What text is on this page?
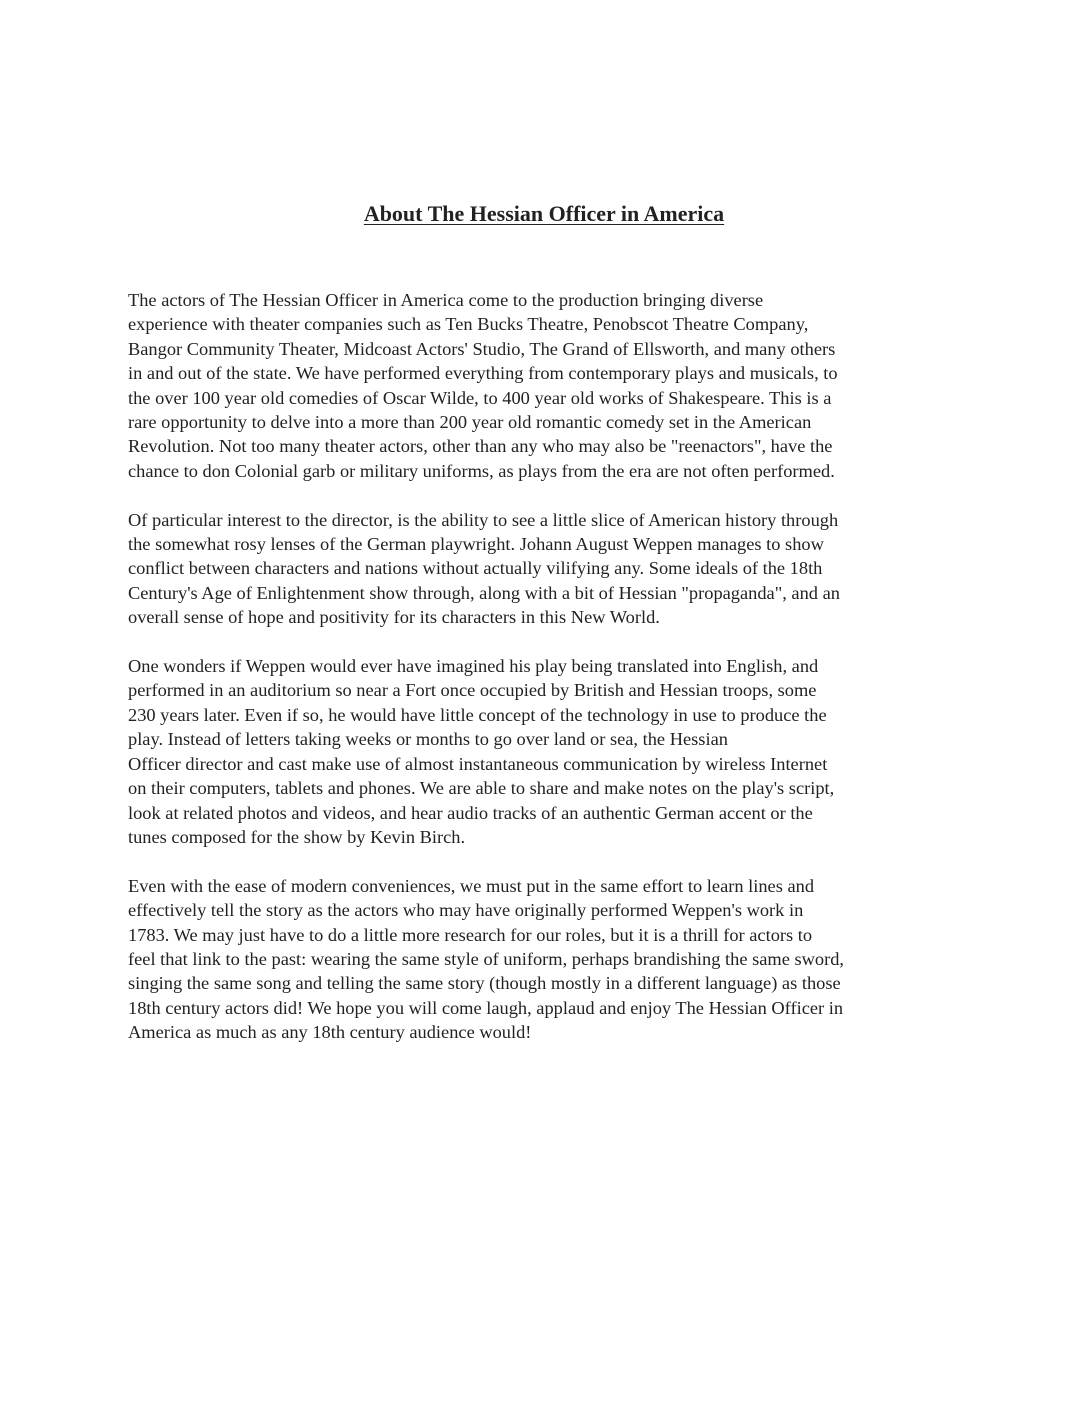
About The Hessian Officer in America

The actors of The Hessian Officer in America come to the production bringing diverse
experience with theater companies such as Ten Bucks Theatre, Penobscot Theatre Company,
Bangor Community Theater, Midcoast Actors' Studio, The Grand of Ellsworth, and many others
in and out of the state. We have performed everything from contemporary plays and musicals, to
the over 100 year old comedies of Oscar Wilde, to 400 year old works of Shakespeare. This is a
rare opportunity to delve into a more than 200 year old romantic comedy set in the American
Revolution. Not too many theater actors, other than any who may also be "reenactors", have the
chance to don Colonial garb or military uniforms, as plays from the era are not often performed.

Of particular interest to the director, is the ability to see a little slice of American history through
the somewhat rosy lenses of the German playwright. Johann August Weppen manages to show
conflict between characters and nations without actually vilifying any. Some ideals of the 18th
Century's Age of Enlightenment show through, along with a bit of Hessian "propaganda", and an
overall sense of hope and positivity for its characters in this New World.

One wonders if Weppen would ever have imagined his play being translated into English, and
performed in an auditorium so near a Fort once occupied by British and Hessian troops, some
230 years later. Even if so, he would have little concept of the technology in use to produce the
play. Instead of letters taking weeks or months to go over land or sea, the Hessian
Officer director and cast make use of almost instantaneous communication by wireless Internet
on their computers, tablets and phones. We are able to share and make notes on the play's script,
look at related photos and videos, and hear audio tracks of an authentic German accent or the
tunes composed for the show by Kevin Birch.

Even with the ease of modern conveniences, we must put in the same effort to learn lines and
effectively tell the story as the actors who may have originally performed Weppen's work in
1783. We may just have to do a little more research for our roles, but it is a thrill for actors to
feel that link to the past: wearing the same style of uniform, perhaps brandishing the same sword,
singing the same song and telling the same story (though mostly in a different language) as those
18th century actors did! We hope you will come laugh, applaud and enjoy The Hessian Officer in
America as much as any 18th century audience would!
